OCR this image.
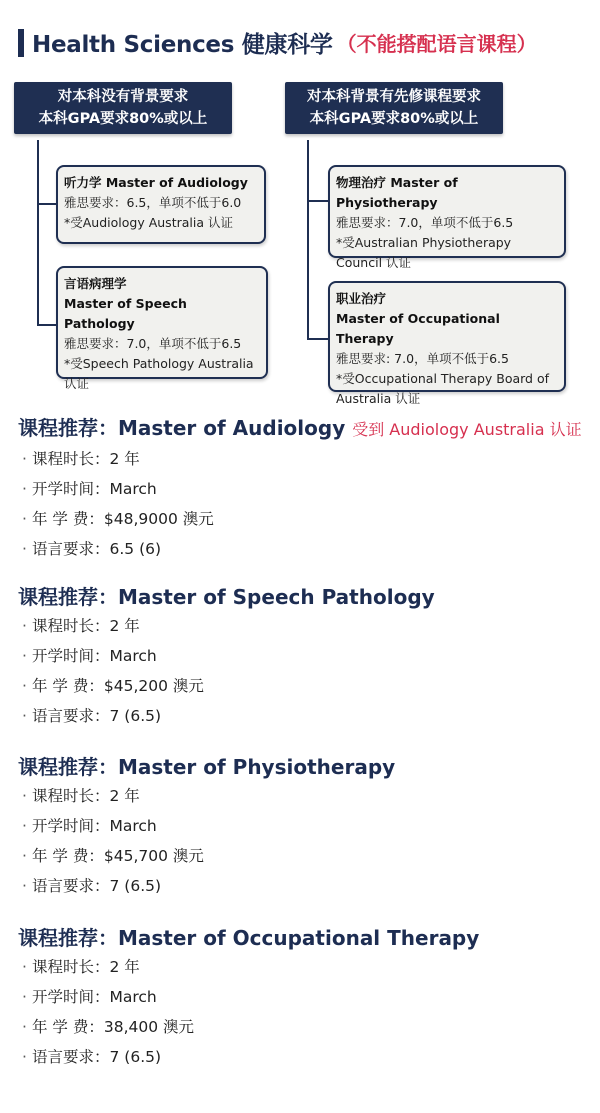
Health Sciences 健康科学 （不能搭配语言课程）
对本科没有背景要求
本科GPA要求80%或以上
听力学 Master of Audiology
雅思要求：6.5，单项不低于6.0
*受Audiology Australia 认证
言语病理学
Master of Speech Pathology
雅思要求：7.0，单项不低于6.5
*受Speech Pathology Australia
认证
对本科背景有先修课程要求
本科GPA要求80%或以上
物理治疗 Master of Physiotherapy
雅思要求：7.0，单项不低于6.5
*受Australian Physiotherapy
Council 认证
职业治疗
Master of Occupational Therapy
雅思要求: 7.0，单项不低于6.5
*受Occupational Therapy Board of
Australia 认证
课程推荐：Master of Audiology 受到 Audiology Australia 认证
· 课程时长：2 年
· 开学时间：March
· 年 学 费：$48,9000 澳元
· 语言要求：6.5 (6)
课程推荐：Master of Speech Pathology
· 课程时长：2 年
· 开学时间：March
· 年 学 费：$45,200 澳元
· 语言要求：7 (6.5)
课程推荐：Master of Physiotherapy
· 课程时长：2 年
· 开学时间：March
· 年 学 费：$45,700 澳元
· 语言要求：7 (6.5)
课程推荐：Master of Occupational Therapy
· 课程时长：2 年
· 开学时间：March
· 年 学 费：38,400 澳元
· 语言要求：7 (6.5)
